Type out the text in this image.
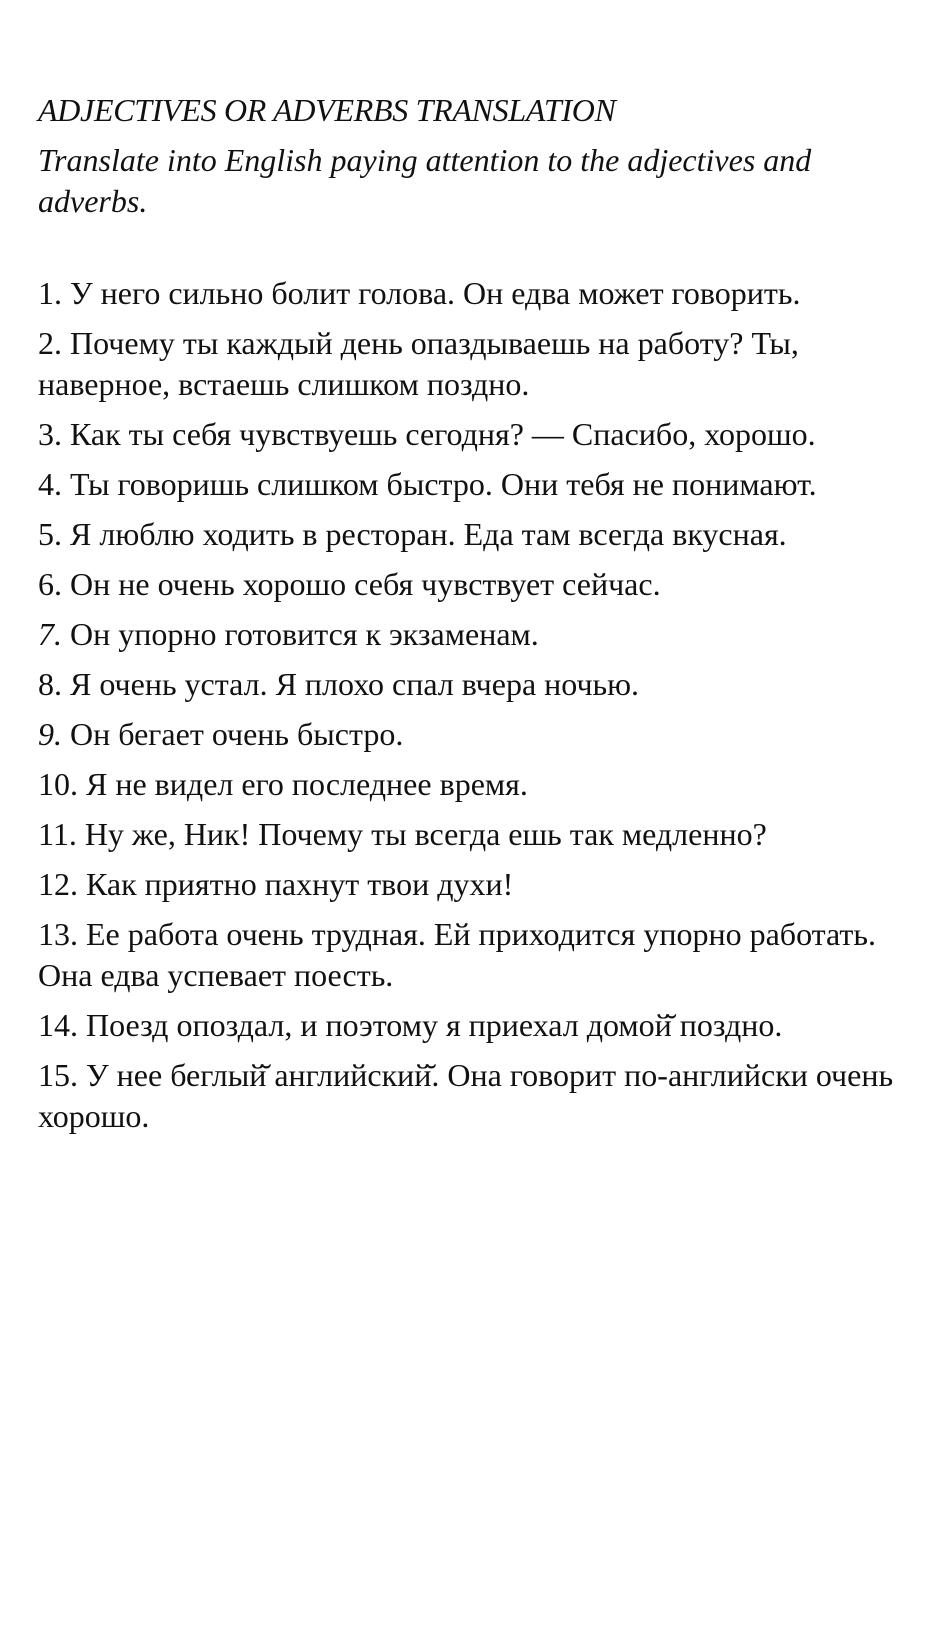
ADJECTIVES OR ADVERBS TRANSLATION

Translate into English paying attention to the adjectives and adverbs.

1. У него сильно болит голова. Он едва может говорить.
2. Почему ты каждый день опаздываешь на работу? Ты, наверное, встаешь слишком поздно.
3. Как ты себя чувствуешь сегодня? — Спасибо, хорошо.
4. Ты говоришь слишком быстро. Они тебя не понимают.
5. Я люблю ходить в ресторан. Еда там всегда вкусная.
6. Он не очень хорошо себя чувствует сейчас.
7. Он упорно готовится к экзаменам.
8. Я очень устал. Я плохо спал вчера ночью.
9. Он бегает очень быстро.
10. Я не видел его последнее время.
11. Ну же, Ник! Почему ты всегда ешь так медленно?
12. Как приятно пахнут твои духи!
13. Ее работа очень трудная. Ей приходится упорно работать. Она едва успевает поесть.
14. Поезд опоздал, и поэтому я приехал домой̆ поздно.
15. У нее беглый̆ английский̆. Она говорит по-английски очень хорошо.
